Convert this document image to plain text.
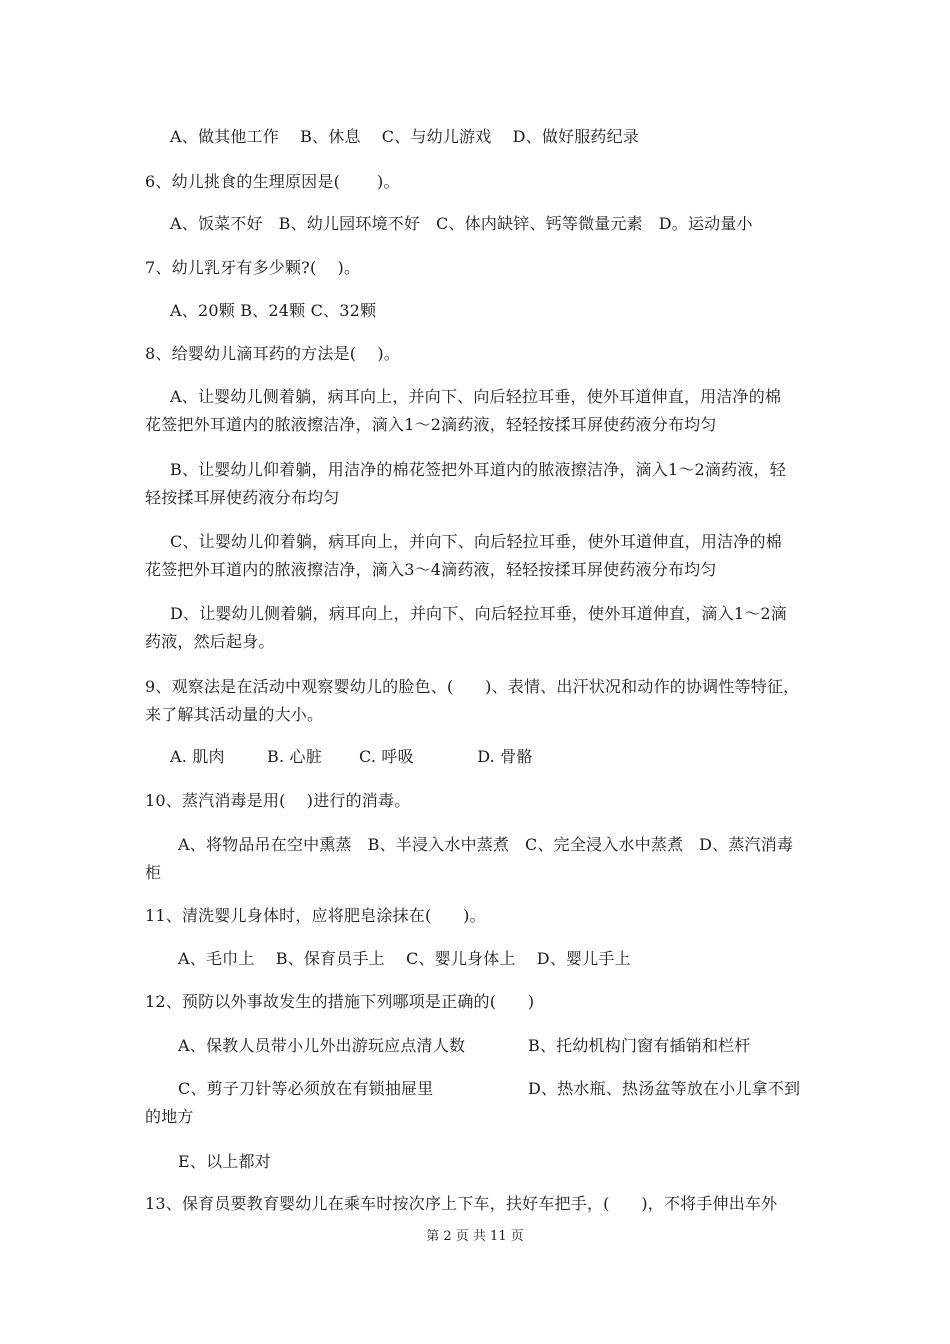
A、做其他工作    B、休息    C、与幼儿游戏    D、做好服药纪录
6、幼儿挑食的生理原因是(       )。
A、饭菜不好   B、幼儿园环境不好   C、体内缺锌、钙等微量元素   D。运动量小
7、幼儿乳牙有多少颗?(    )。
A、20颗 B、24颗 C、32颗
8、给婴幼儿滴耳药的方法是(    )。
A、让婴幼儿侧着躺，病耳向上，并向下、向后轻拉耳垂，使外耳道伸直，用洁净的棉
花签把外耳道内的脓液擦洁净，滴入1～2滴药液，轻轻按揉耳屏使药液分布均匀
B、让婴幼儿仰着躺，用洁净的棉花签把外耳道内的脓液擦洁净，滴入1～2滴药液，轻
轻按揉耳屏使药液分布均匀
C、让婴幼儿仰着躺，病耳向上，并向下、向后轻拉耳垂，使外耳道伸直，用洁净的棉
花签把外耳道内的脓液擦洁净，滴入3～4滴药液，轻轻按揉耳屏使药液分布均匀
D、让婴幼儿侧着躺，病耳向上，并向下、向后轻拉耳垂，使外耳道伸直，滴入1～2滴
药液，然后起身。
9、观察法是在活动中观察婴幼儿的脸色、(      )、表情、出汗状况和动作的协调性等特征，
来了解其活动量的大小。
A. 肌肉        B. 心脏       C. 呼吸            D. 骨骼
10、蒸汽消毒是用(    )进行的消毒。
A、将物品吊在空中熏蒸   B、半浸入水中蒸煮   C、完全浸入水中蒸煮   D、蒸汽消毒
柜
11、清洗婴儿身体时，应将肥皂涂抹在(      )。
A、毛巾上    B、保育员手上    C、婴儿身体上    D、婴儿手上
12、预防以外事故发生的措施下列哪项是正确的(      )
A、保教人员带小儿外出游玩应点清人数	B、托幼机构门窗有插销和栏杆
C、剪子刀针等必须放在有锁抽屉里	D、热水瓶、热汤盆等放在小儿拿不到
的地方
E、以上都对
13、保育员要教育婴幼儿在乘车时按次序上下车，扶好车把手，(      )，不将手伸出车外
第 2 页 共 11 页
